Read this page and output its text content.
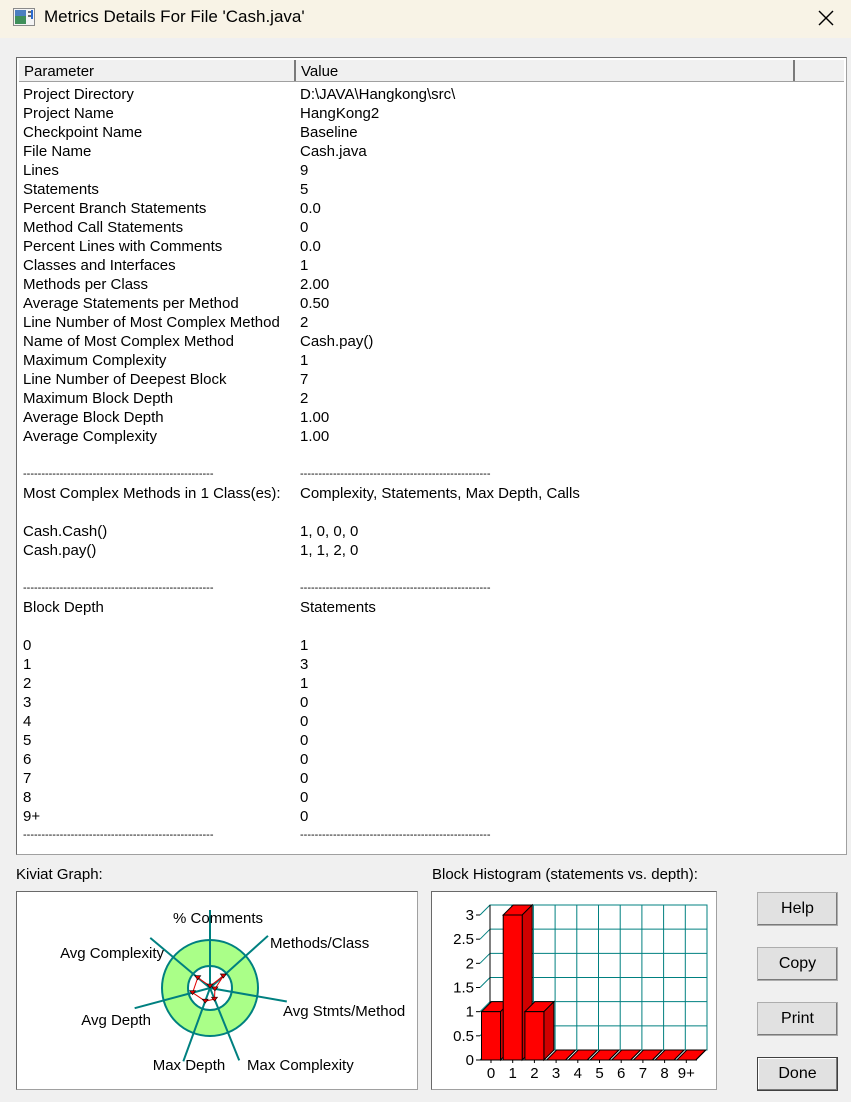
Metrics Details For File 'Cash.java'
Parameter	Value
Project Directory	D:\JAVA\Hangkong\src\
Project Name	HangKong2
Checkpoint Name	Baseline
File Name	Cash.java
Lines	9
Statements	5
Percent Branch Statements	0.0
Method Call Statements	0
Percent Lines with Comments	0.0
Classes and Interfaces	1
Methods per Class	2.00
Average Statements per Method	0.50
Line Number of Most Complex Method 2
Name of Most Complex Method	Cash.pay()
Maximum Complexity	1
Line Number of Deepest Block	7
Maximum Block Depth	2
Average Block Depth	1.00
Average Complexity	1.00
----------------------------------------------------	----------------------------------------------------
Most Complex Methods in 1 Class(es): Complexity, Statements, Max Depth, Calls
Cash.Cash()	1, 0, 0, 0
Cash.pay()	1, 1, 2, 0
----------------------------------------------------	----------------------------------------------------
Block Depth	Statements
0	1
1	3
2	1
3	0
4	0
5	0
6	0
7	0
8	0
9+	0
----------------------------------------------------	----------------------------------------------------
Kiviat Graph:	Block Histogram (statements vs. depth):
% Comments
Methods/Class
Avg Stmts/Method
Max Complexity
Max Depth
Avg Depth
Avg Complexity
0
0.5
1
1.5
2
2.5
3
0 1 2 3 4 5 6 7 8 9+
Help
Copy
Print
Done
